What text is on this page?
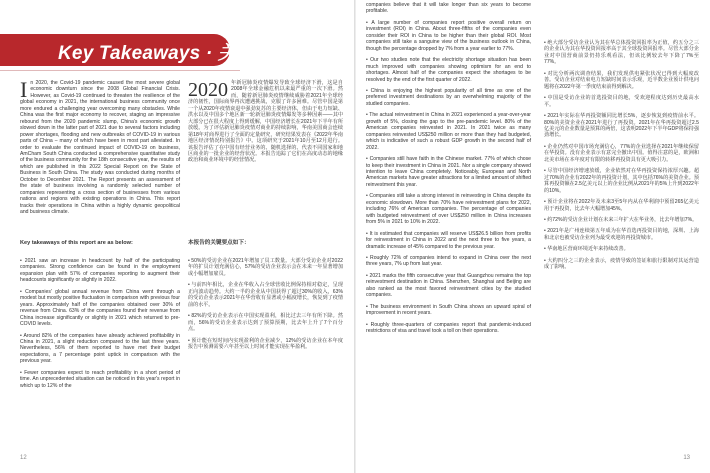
Key Takeaways · 关键要点
I n 2020, the Covid-19 pandemic caused the most severe global economic downturn since the 2008 Global Financial Crisis. However, as Covid-19 continued to threaten the resilience of the global economy in 2021, the international business community once more endured a challenging year overcoming many obstacles. While China was the first major economy to recover, staging an impressive rebound from the 2020 pandemic slump, China's economic growth slowed down in the latter part of 2021 due to several factors including power shortages, flooding and new outbreaks of COVID-19 in various parts of China – many of which have been in most part alleviated. In order to evaluate the continued impact of COVID-19 on business, AmCham South China conducted a comprehensive quantitative study of the business community for the 18th consecutive year, the results of which are published in this 2022 Special Report on the State of Business in South China. The study was conducted during months of October to December 2021. The Report presents an assessment of the state of business involving a randomly selected number of companies representing a cross section of businesses from various nations and regions with existing operations in China. This report tracks their operations in China within a highly dynamic geopolitical and business climate.
2020 年新冠肺炎疫情爆发导致全球经济下滑，这是自2008年全球金融危机以来最严重的一次下滑。然而，随着新冠肺炎疫情继续威胁着2021年全球经济的韧性，国际商界再次遭遇挑战，克服了许多困难。尽管中国是第一个从2020年疫情衰退中强劲复苏的主要经济体，但由于电力短缺、洪水以及中国多个地区新一轮新冠肺炎疫情爆发等多种因素——其中大部分已在很大程度上得到缓解，中国经济增长在2021年下半年有所放缓。为了评估新冠肺炎疫情对商业的持续影响，华南美国商会连续第18年对商界进行了全面的定量研究，研究结果发表在《2022年华南地区经济情况特别报告》中。这项研究于2021年10月至12月进行。该报告评估了在中国有经营业务的、随机选择的、代表不同国家和地区商业的一批企业的经营状况。本报告追踪了它们在高度动态的地缘政治和商业环境中的经营情况。

Key takeaways of this report are as below:	本报告的关键要点如下：

• 2021 saw an increase in headcount by half of the participating companies. Strong confidence can be found in the employment expansion plan with 57% of companies reporting to augment their headcounts significantly or slightly in 2022.

• Companies' global annual revenue from China went through a modest but mostly positive fluctuation in comparison with previous four years. Approximately half of the companies obtained over 30% of revenue from China. 63% of the companies found their revenue from China increase significantly or slightly in 2021 which returned to pre-COVID levels.

• Around 82% of the companies have already achieved profitability in China in 2021, a slight reduction compared to the last three years. Nevertheless, 56% of them reported to have met their budget expectations, a 7 percentage point uptick in comparison with the previous year.

• Fewer companies expect to reach profitability in a short period of time. An unprecedented situation can be noticed in this year's report in which up to 12% of the

• 50%的受访企业在2021年增加了员工数量。大部分受访企业对2022年的扩员计划充满信心，57%的受访企业表示会在未来一年显著增加或小幅增加雇员。

• 与前四年相比，企业在华收入占全球营收比例保持相对稳定，呈现正向波动趋势。大约一半的企业从中国获得了超过30%的收入，63%的受访企业表示2021年在华营收有显著或小幅度增长，恢复到了疫情前的水平。

• 82%的受访企业表示在中国实现盈利，相比过去三年有所下降。然而，56%的受访企业表示达到了预算预期，比去年上升了7个百分点。

• 预计能在短时间内实现盈利的企业减少，12%的受访企业在本年度报告中预测需要六年甚至以上时间才能实现在华盈利。

12

companies believe that it will take longer than six years to become profitable.

• A large number of companies report positive overall return on investment (ROI) in China. About three-fifths of the companies even consider their ROI in China to be higher than their global ROI. Most companies still take a sanguine view of the business outlook in China, though the percentage dropped by 7% from a year earlier to 77%.

• Our two studies note that the electricity shortage situation has been much improved with companies showing optimism for an end to shortages. Almost half of the companies expect the shortages to be resolved by the end of the first quarter of 2022.

• China is enjoying the highest popularity of all time as one of the preferred investment destinations by an overwhelming majority of the studied companies.

• The actual reinvestment in China in 2021 experienced a year-over-year growth of 5%, closing the gap to the pre-pandemic level. 80% of the American companies reinvested in 2021. In 2021 twice as many companies reinvested US$250 million or more than they had budgeted, which is indicative of such a robust GDP growth in the second half of 2022.

• Companies still have faith in the Chinese market. 77% of which chose to keep their investment in China in 2021. Nor a single company showed intention to leave China completely. Noticeably, European and North American markets have greater attractions for a limited amount of shifted reinvestment this year.

• Companies still take a strong interest in reinvesting in China despite its economic slowdown. More than 70% have reinvestment plans for 2022, including 76% of American companies. The percentage of companies with budgeted reinvestment of over US$250 million in China increases from 5% in 2021 to 10% in 2022.

• It is estimated that companies will reserve US$26.5 billion from profits for reinvestment in China in 2022 and the next three to five years, a dramatic increase of 45% compared to the previous year.

• Roughly 72% of companies intend to expand in China over the next three years, 7% up from last year.

• 2021 marks the fifth consecutive year that Guangzhou remains the top reinvestment destination in China. Shenzhen, Shanghai and Beijing are also ranked as the most favored reinvestment cities by the studied companies.

• The business environment in South China shows an upward spiral of improvement in recent years.

• Roughly three-quarters of companies report that pandemic-induced restrictions of visa and travel took a toll on their operations.

• 绝大部分受访企业认为其在华总体投资回报率为正值，约五分之三的企业认为其在华投资回报率高于其全球投资回报率。尽管大部分企业对中国营商前景仍持乐观看法，但该比例较去年下降了7%至77%。

• 对比分析两次调查结果，我们发现供电紧张状况已得到大幅度改善。受访企业对结束电力短缺时间表示乐观，近半数企业预计供电问题将在2022年第一季度结束前得到解决。

• 中国是受访企业的首选投资目的地，受欢迎程度达到历史最高水平。

• 2021年实际在华再投资额同比增长5%，逐步恢复到疫情前水平。80%的美资企业在2021年进行了再投资。2021年在华再投资超过2.5亿美元的企业数量是预算的两倍，这表明2022年下半年GDP将保持强劲增长。

• 企业仍然对中国市场充满信心，77%的企业选择在2021年继续保留在华投资。没有企业表示有意完全撤出中国。值得注意的是，欧洲和北美市场在本年度对有限的转移再投资具有更大吸引力。

• 尽管中国经济增速放缓，企业依然对在华再投资保持浓厚兴趣。超过70%的企业有2022年的再投资计划，其中包括76%的美资企业。预算再投资额在2.5亿美元以上的企业比例从2021年的5%上升到2022年的10%。

• 预计企业将在2022年及未来3至5年内从在华利润中预留265亿美元用于再投资，比去年大幅增加45%。

• 约72%的受访企业计划在未来三年扩大在华业务，比去年增加7%。

• 2021年是广州连续第五年成为在华首选再投资目的地，深圳、上海和北京也被受访企业列为最受欢迎的再投资城市。

• 华南地区营商环境近年来持续改善。

• 大约四分之三的企业表示，疫情导致的签证和旅行限制对其运营造成了影响。

13
